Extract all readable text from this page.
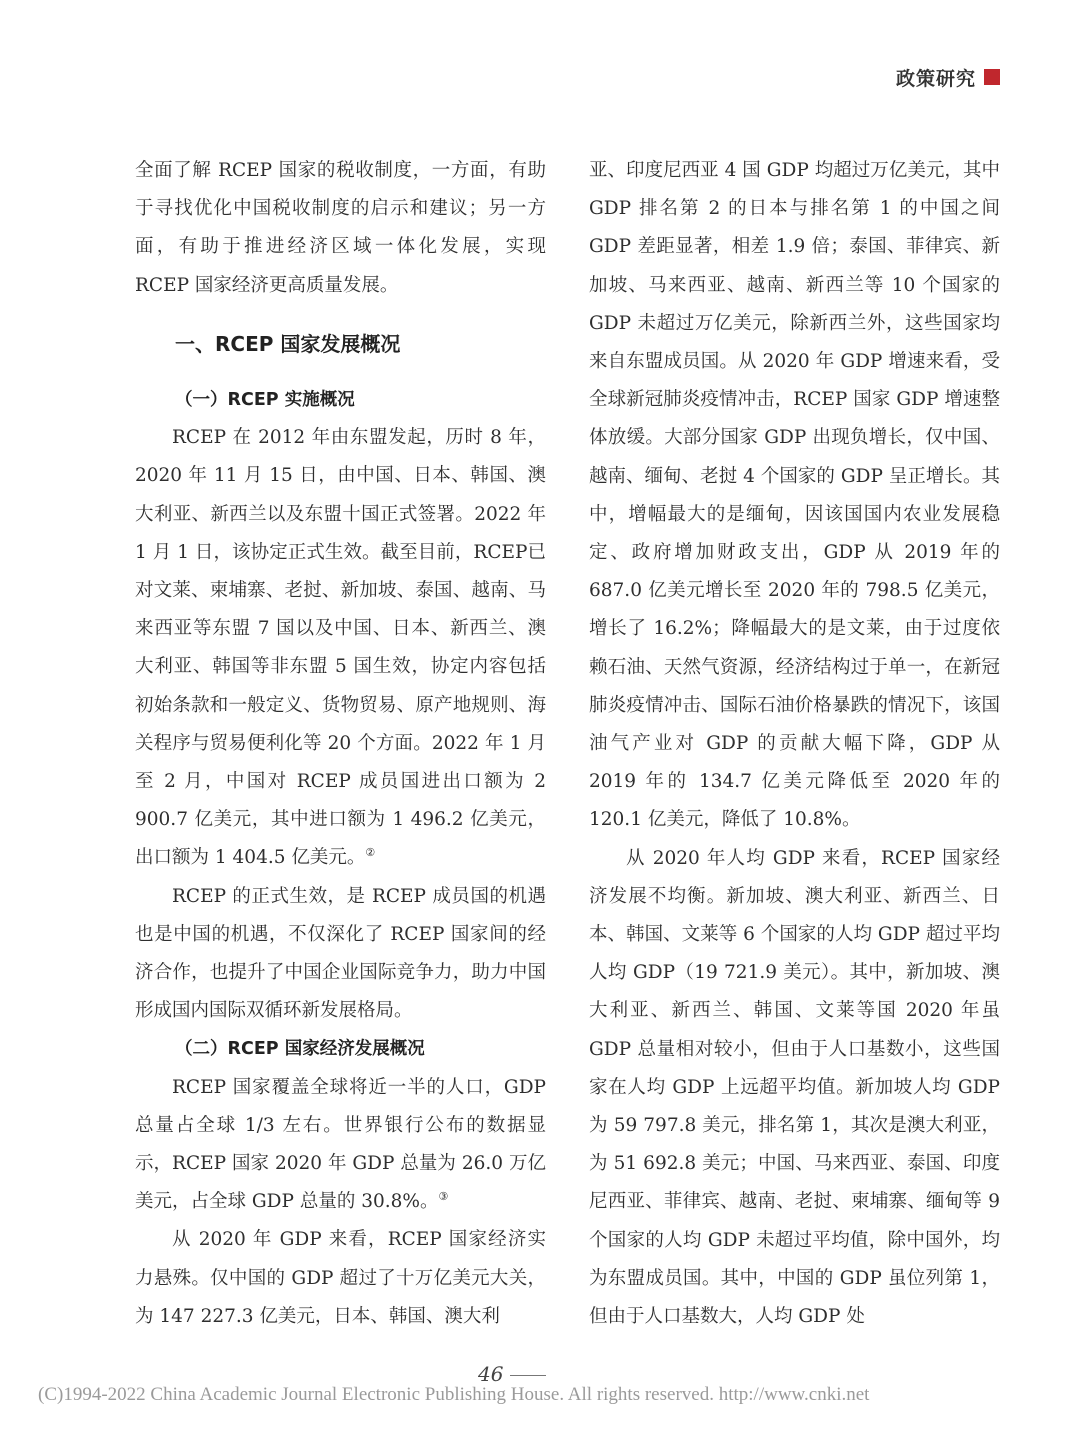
政策研究

全面了解 RCEP 国家的税收制度，一方面，有助于寻找优化中国税收制度的启示和建议；另一方面，有助于推进经济区域一体化发展，实现 RCEP 国家经济更高质量发展。

一、RCEP 国家发展概况
（一）RCEP 实施概况

RCEP 在 2012 年由东盟发起，历时 8 年，2020 年 11 月 15 日，由中国、日本、韩国、澳大利亚、新西兰以及东盟十国正式签署。2022 年 1 月 1 日，该协定正式生效。截至目前，RCEP已对文莱、柬埔寨、老挝、新加坡、泰国、越南、马来西亚等东盟 7 国以及中国、日本、新西兰、澳大利亚、韩国等非东盟 5 国生效，协定内容包括初始条款和一般定义、货物贸易、原产地规则、海关程序与贸易便利化等 20 个方面。2022 年 1 月至 2 月，中国对 RCEP 成员国进出口额为 2 900.7 亿美元，其中进口额为 1 496.2 亿美元，出口额为 1 404.5 亿美元。②

RCEP 的正式生效，是 RCEP 成员国的机遇也是中国的机遇，不仅深化了 RCEP 国家间的经济合作，也提升了中国企业国际竞争力，助力中国形成国内国际双循环新发展格局。

（二）RCEP 国家经济发展概况

RCEP 国家覆盖全球将近一半的人口，GDP 总量占全球 1/3 左右。世界银行公布的数据显示，RCEP 国家 2020 年 GDP 总量为 26.0 万亿美元，占全球 GDP 总量的 30.8%。③

从 2020 年 GDP 来看，RCEP 国家经济实力悬殊。仅中国的 GDP 超过了十万亿美元大关，为 147 227.3 亿美元，日本、韩国、澳大利

亚、印度尼西亚 4 国 GDP 均超过万亿美元，其中 GDP 排名第 2 的日本与排名第 1 的中国之间 GDP 差距显著，相差 1.9 倍；泰国、菲律宾、新加坡、马来西亚、越南、新西兰等 10 个国家的 GDP 未超过万亿美元，除新西兰外，这些国家均来自东盟成员国。从 2020 年 GDP 增速来看，受全球新冠肺炎疫情冲击，RCEP 国家 GDP 增速整体放缓。大部分国家 GDP 出现负增长，仅中国、越南、缅甸、老挝 4 个国家的 GDP 呈正增长。其中，增幅最大的是缅甸，因该国国内农业发展稳定、政府增加财政支出，GDP 从 2019 年的 687.0 亿美元增长至 2020 年的 798.5 亿美元，增长了 16.2%；降幅最大的是文莱，由于过度依赖石油、天然气资源，经济结构过于单一，在新冠肺炎疫情冲击、国际石油价格暴跌的情况下，该国油气产业对 GDP 的贡献大幅下降，GDP 从 2019 年的 134.7 亿美元降低至 2020 年的 120.1 亿美元，降低了 10.8%。

从 2020 年人均 GDP 来看，RCEP 国家经济发展不均衡。新加坡、澳大利亚、新西兰、日本、韩国、文莱等 6 个国家的人均 GDP 超过平均人均 GDP（19 721.9 美元）。其中，新加坡、澳大利亚、新西兰、韩国、文莱等国 2020 年虽 GDP 总量相对较小，但由于人口基数小，这些国家在人均 GDP 上远超平均值。新加坡人均 GDP 为 59 797.8 美元，排名第 1，其次是澳大利亚，为 51 692.8 美元；中国、马来西亚、泰国、印度尼西亚、菲律宾、越南、老挝、柬埔寨、缅甸等 9 个国家的人均 GDP 未超过平均值，除中国外，均为东盟成员国。其中，中国的 GDP 虽位列第 1，但由于人口基数大，人均 GDP 处

46
(C)1994-2022 China Academic Journal Electronic Publishing House. All rights reserved. http://www.cnki.net
